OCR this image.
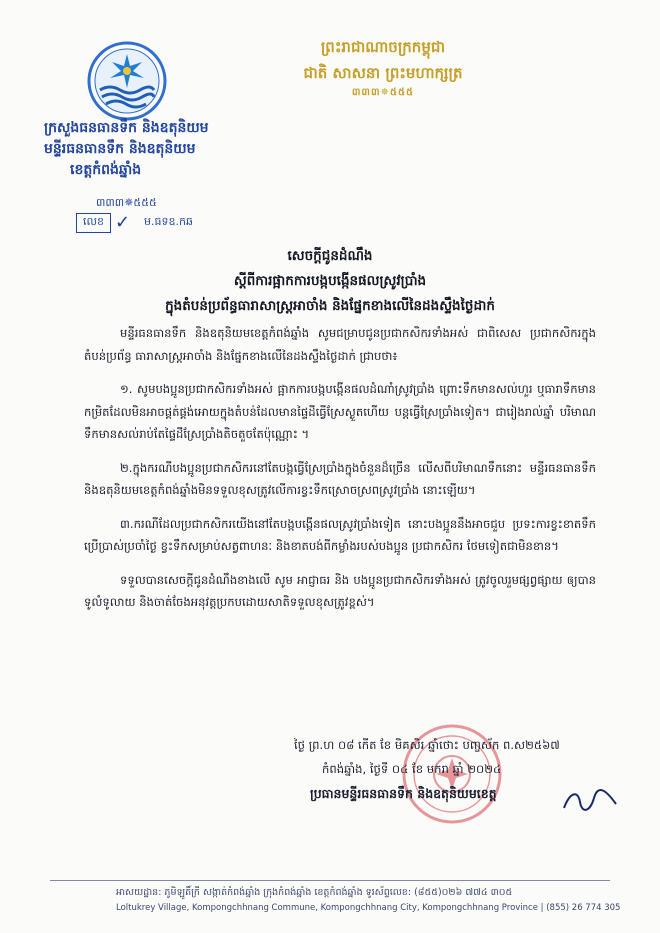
ក្រសួងធនធានទឹក និងឧតុនិយម
មន្ទីរធនធានទឹក និងឧតុនិយម
ខេត្តកំពង់ឆ្នាំង
៣៣៣✵៥៥៥
លេខ ✓ ម.ធទឧ.កឆ
ព្រះរាជាណាចក្រកម្ពុជា
ជាតិ សាសនា ព្រះមហាក្សត្រ
៣៣៣✵៥៥៥
សេចក្តីជូនដំណឹង
ស្តីពីការផ្អាកការបង្កបង្កើនផលស្រូវប្រាំង
ក្នុងតំបន់ប្រព័ន្ធធារាសាស្ត្រអាចាំង និងផ្នែកខាងលើនៃដងស្ទឹងថ្ងៃដាក់

មន្ទីរធនធានទឹក និងឧតុនិយមខេត្តកំពង់ឆ្នាំង សូមជម្រាបជូនប្រជាកសិករទាំងអស់ ជាពិសេស ប្រជាកសិករក្នុងតំបន់ប្រព័ន្ធ ធារាសាស្ត្រអាចាំង និងផ្នែកខាងលើនៃដងស្ទឹងថ្ងៃដាក់ ជ្រាបថា៖

១. សូមបងប្អូនប្រជាកសិករទាំងអស់ ផ្អាកការបង្កបង្កើនផលដំណាំស្រូវប្រាំង ព្រោះទឹកមានសល់ហួរ ឬធារាទឹកមានកម្រិតដែលមិនអាចផ្គត់ផ្គង់អោយក្នុងតំបន់ដែលមានផ្ទៃដីធ្វើស្រែស្ងួតហើយ បន្តធ្វើស្រែប្រាំងទៀត។ ជារៀងរាល់ឆ្នាំ បរិមាណទឹកមានសល់រាប់តែផ្ទៃដីស្រែប្រាំងតិចតួចតែប៉ុណ្ណោះ ។

២.ក្នុងករណីបងប្អូនប្រជាកសិករនៅតែបង្កធ្វើស្រែប្រាំងក្នុងចំនួនដ៏ច្រើន លើសពីបរិមាណទឹកនោះ មន្ទីរធនធានទឹក និងឧតុនិយមខេត្តកំពង់ឆ្នាំងមិនទទួលខុសត្រូវលើការខ្វះទឹកស្រោចស្រពស្រូវប្រាំង នោះឡើយ។

៣.ករណីដែលប្រជាកសិករយើងនៅតែបង្កបង្កើនផលស្រូវប្រាំងទៀត នោះបងប្អូននឹងអាចជួប ប្រទះការខ្វះខាតទឹកប្រើប្រាស់ប្រចាំថ្ងៃ ខ្វះទឹកសម្រាប់សត្វពាហនៈ និងខាតបង់ពីកម្លាំងរបស់បងប្អូន ប្រជាកសិករ ថែមទៀតជាមិនខាន។

ទទួលបានសេចក្តីជូនដំណឹងខាងលើ សូម អាជ្ញាធរ និង បងប្អូនប្រជាកសិករទាំងអស់ ត្រូវចូលរួមផ្សព្វផ្សាយ ឲ្យបានទូលំទូលាយ និងចាត់ចែងអនុវត្តប្រកបដោយសាតិទទួលខុសត្រូវខ្ពស់។

ថ្ងៃ ព្រ.ហ ០៨ កើត ខែ មិគសិរ ឆ្នាំថោះ បញ្ចស័ក ព.ស២៥៦៧
កំពង់ឆ្នាំង, ថ្ងៃទី ០៤ ខែ មករា ឆ្នាំ ២០២៤
ប្រធានមន្ទីរធនធានទឹក និងឧតុនិយមខេត្ត
អាសយដ្ឋាន: ភូមិឡូតិ៍ក្រី សង្កាត់កំពង់ឆ្នាំង ក្រុងកំពង់ឆ្នាំង ខេត្តកំពង់ឆ្នាំង ទូរស័ព្ទលេខ: (៨៥៥)០២៦ ៧៧៤ ៣០៥
Loltukrey Village, Kompongchhnang Commune, Kompongchhnang City, Kompongchhnang Province | (855) 26 774 305
